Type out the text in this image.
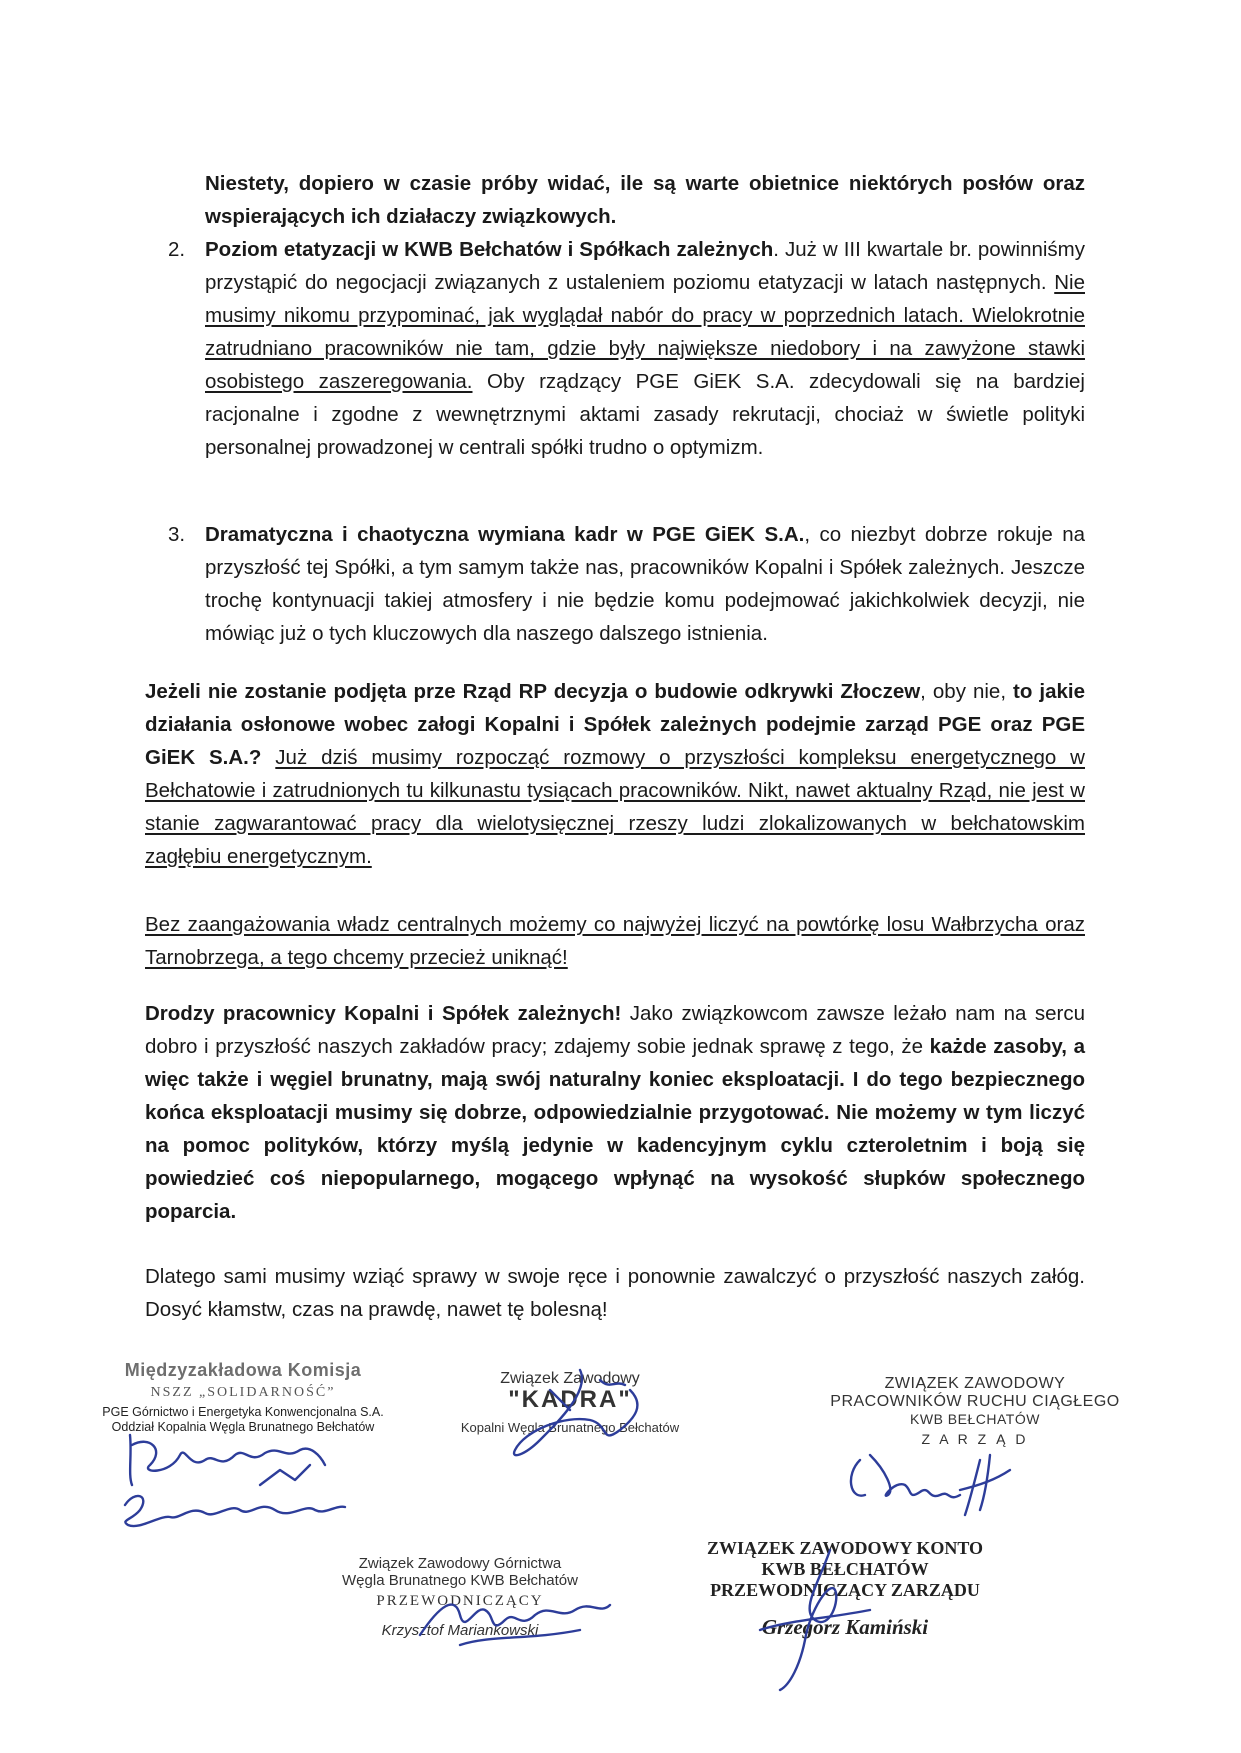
Niestety, dopiero w czasie próby widać, ile są warte obietnice niektórych posłów oraz wspierających ich działaczy związkowych.
2. Poziom etatyzacji w KWB Bełchatów i Spółkach zależnych. Już w III kwartale br. powinniśmy przystąpić do negocjacji związanych z ustaleniem poziomu etatyzacji w latach następnych. Nie musimy nikomu przypominać, jak wyglądał nabór do pracy w poprzednich latach. Wielokrotnie zatrudniano pracowników nie tam, gdzie były największe niedobory i na zawyżone stawki osobistego zaszeregowania. Oby rządzący PGE GiEK S.A. zdecydowali się na bardziej racjonalne i zgodne z wewnętrznymi aktami zasady rekrutacji, chociaż w świetle polityki personalnej prowadzonej w centrali spółki trudno o optymizm.
3. Dramatyczna i chaotyczna wymiana kadr w PGE GiEK S.A., co niezbyt dobrze rokuje na przyszłość tej Spółki, a tym samym także nas, pracowników Kopalni i Spółek zależnych. Jeszcze trochę kontynuacji takiej atmosfery i nie będzie komu podejmować jakichkolwiek decyzji, nie mówiąc już o tych kluczowych dla naszego dalszego istnienia.
Jeżeli nie zostanie podjęta prze Rząd RP decyzja o budowie odkrywki Złoczew, oby nie, to jakie działania osłonowe wobec załogi Kopalni i Spółek zależnych podejmie zarząd PGE oraz PGE GiEK S.A.? Już dziś musimy rozpocząć rozmowy o przyszłości kompleksu energetycznego w Bełchatowie i zatrudnionych tu kilkunastu tysiącach pracowników. Nikt, nawet aktualny Rząd, nie jest w stanie zagwarantować pracy dla wielotysięcznej rzeszy ludzi zlokalizowanych w bełchatowskim zagłębiu energetycznym.
Bez zaangażowania władz centralnych możemy co najwyżej liczyć na powtórkę losu Wałbrzycha oraz Tarnobrzega, a tego chcemy przecież uniknąć!
Drodzy pracownicy Kopalni i Spółek zależnych! Jako związkowcom zawsze leżało nam na sercu dobro i przyszłość naszych zakładów pracy; zdajemy sobie jednak sprawę z tego, że każde zasoby, a więc także i węgiel brunatny, mają swój naturalny koniec eksploatacji. I do tego bezpiecznego końca eksploatacji musimy się dobrze, odpowiedzialnie przygotować. Nie możemy w tym liczyć na pomoc polityków, którzy myślą jedynie w kadencyjnym cyklu czteroletnim i boją się powiedzieć coś niepopularnego, mogącego wpłynąć na wysokość słupków społecznego poparcia.
Dlatego sami musimy wziąć sprawy w swoje ręce i ponownie zawalczyć o przyszłość naszych załóg. Dosyć kłamstw, czas na prawdę, nawet tę bolesną!
Międzyzakładowa Komisja
NSZZ „SOLIDARNOŚĆ”
PGE Górnictwo i Energetyka Konwencjonalna S.A.
Oddział Kopalnia Węgla Brunatnego Bełchatów
Związek Zawodowy
"KADRA"
Kopalni Węgla Brunatnego Bełchatów
ZWIĄZEK ZAWODOWY
PRACOWNIKÓW RUCHU CIĄGŁEGO
KWB BEŁCHATÓW
Z A R Z Ą D
Związek Zawodowy Górnictwa
Węgla Brunatnego KWB Bełchatów
PRZEWODNICZĄCY
Krzysztof Mariankowski
ZWIĄZEK ZAWODOWY KONTO
KWB BEŁCHATÓW
PRZEWODNICZĄCY ZARZĄDU
Grzegorz Kamiński
